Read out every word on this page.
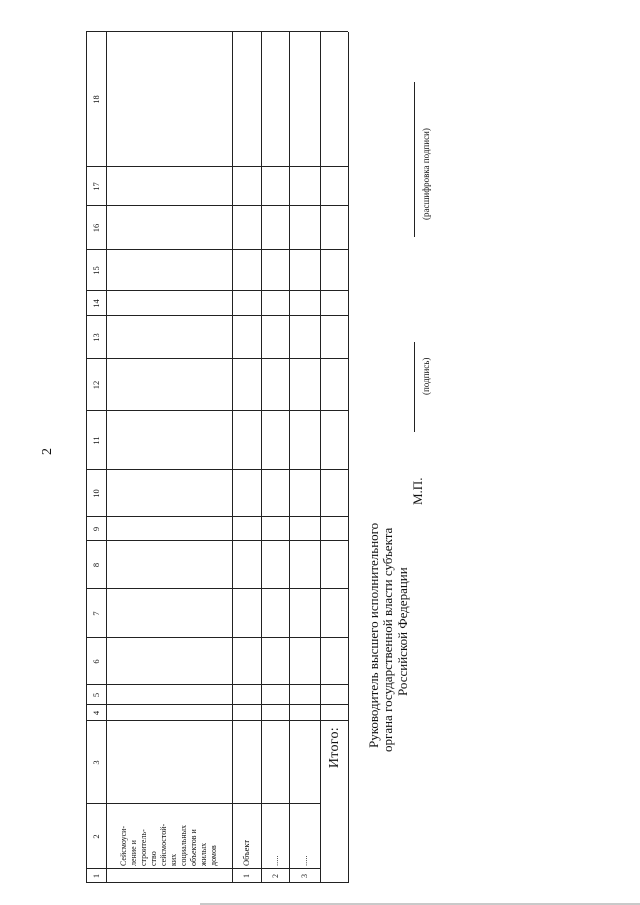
2
1
2
3
4
5
6
7
8
9
10
11
12
13
14
15
16
17
18
Сейсмоуси- ление и строитель- ство сейсмостой- ких социальных объектов и жилых домов
1
Объект
2
.....
3
.....
Итого:	Руководитель высшего исполнительного органа государственной власти субъекта Российской Федерации
М.П.
(подпись)
(расшифровка подписи)
